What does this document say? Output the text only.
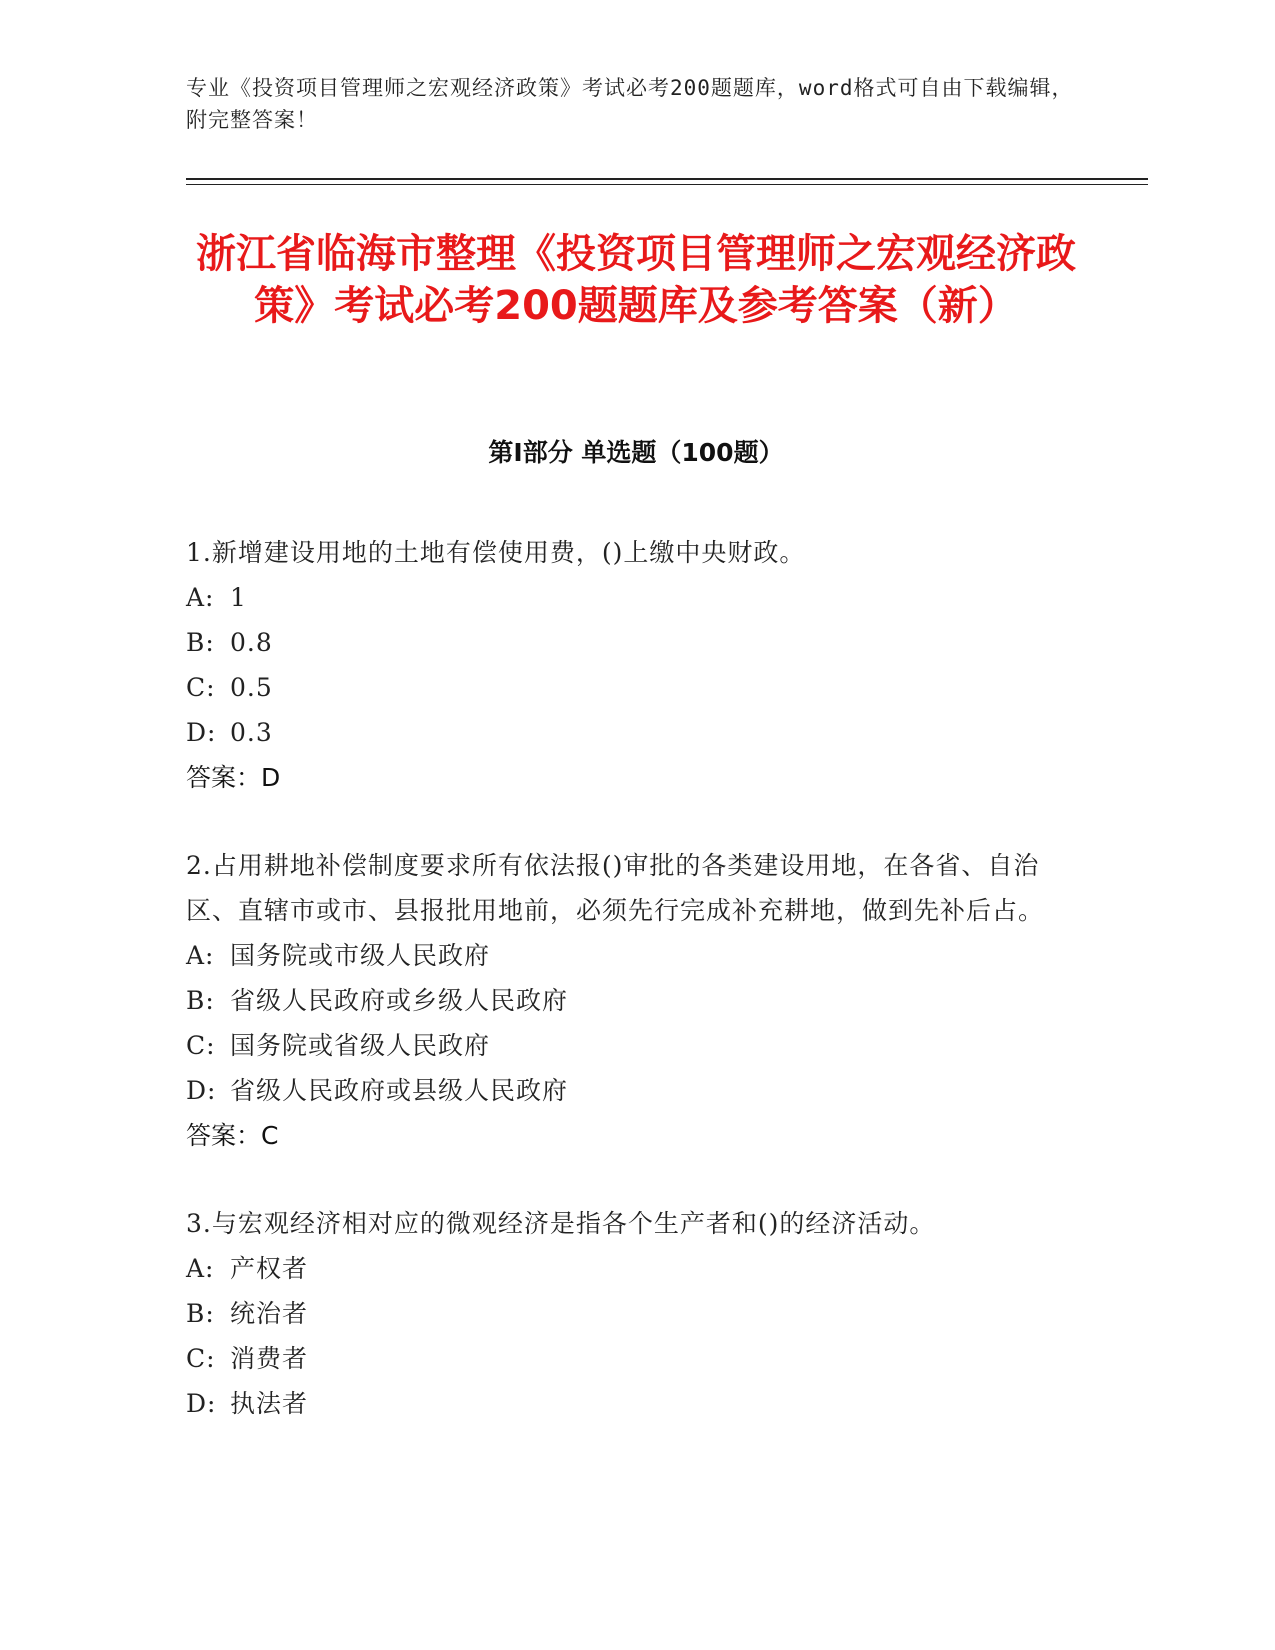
专业《投资项目管理师之宏观经济政策》考试必考200题题库，word格式可自由下载编辑，附完整答案！
浙江省临海市整理《投资项目管理师之宏观经济政策》考试必考200题题库及参考答案（新）
第I部分 单选题（100题）
1.新增建设用地的土地有偿使用费，()上缴中央财政。
A: 1
B: 0.8
C: 0.5
D: 0.3
答案：D
2.占用耕地补偿制度要求所有依法报()审批的各类建设用地，在各省、自治区、直辖市或市、县报批用地前，必须先行完成补充耕地，做到先补后占。
A: 国务院或市级人民政府
B: 省级人民政府或乡级人民政府
C: 国务院或省级人民政府
D: 省级人民政府或县级人民政府
答案：C
3.与宏观经济相对应的微观经济是指各个生产者和()的经济活动。
A: 产权者
B: 统治者
C: 消费者
D: 执法者
